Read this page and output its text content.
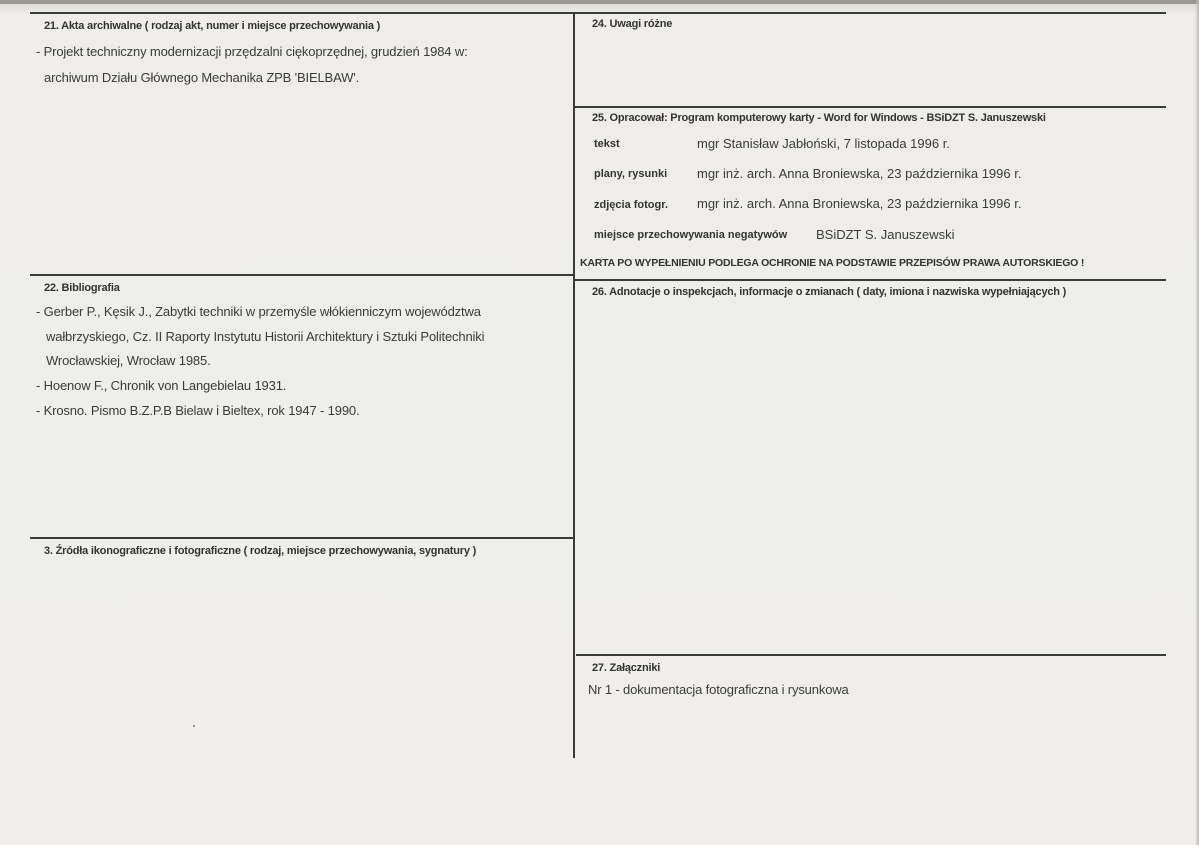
21. Akta archiwalne ( rodzaj akt, numer i miejsce przechowywania )
- Projekt techniczny modernizacji przędzalni ciękoprzędnej, grudzień 1984 w:
archiwum Działu Głównego Mechanika ZPB 'BIELBAW'.
22. Bibliografia
- Gerber P., Kęsik J., Zabytki techniki w przemyśle włókienniczym województwa
wałbrzyskiego, Cz. II Raporty Instytutu Historii Architektury i Sztuki Politechniki
Wrocławskiej, Wrocław 1985.
- Hoenow F., Chronik von Langebielau 1931.
- Krosno. Pismo B.Z.P.B Bielaw i Bieltex, rok 1947 - 1990.
3. Źródła ikonograficzne i fotograficzne ( rodzaj, miejsce przechowywania, sygnatury )
24. Uwagi różne
25. Opracował: Program komputerowy karty - Word for Windows - BSiDZT S. Januszewski
tekst	mgr Stanisław Jabłoński, 7 listopada 1996 r.
plany, rysunki mgr inż. arch. Anna Broniewska, 23 października 1996 r.
zdjęcia fotogr. mgr inż. arch. Anna Broniewska, 23 października 1996 r.
miejsce przechowywania negatywów BSiDZT S. Januszewski
KARTA PO WYPEŁNIENIU PODLEGA OCHRONIE NA PODSTAWIE PRZEPISÓW PRAWA AUTORSKIEGO !
26. Adnotacje o inspekcjach, informacje o zmianach ( daty, imiona i nazwiska wypełniających )
27. Załączniki
Nr 1 - dokumentacja fotograficzna i rysunkowa
